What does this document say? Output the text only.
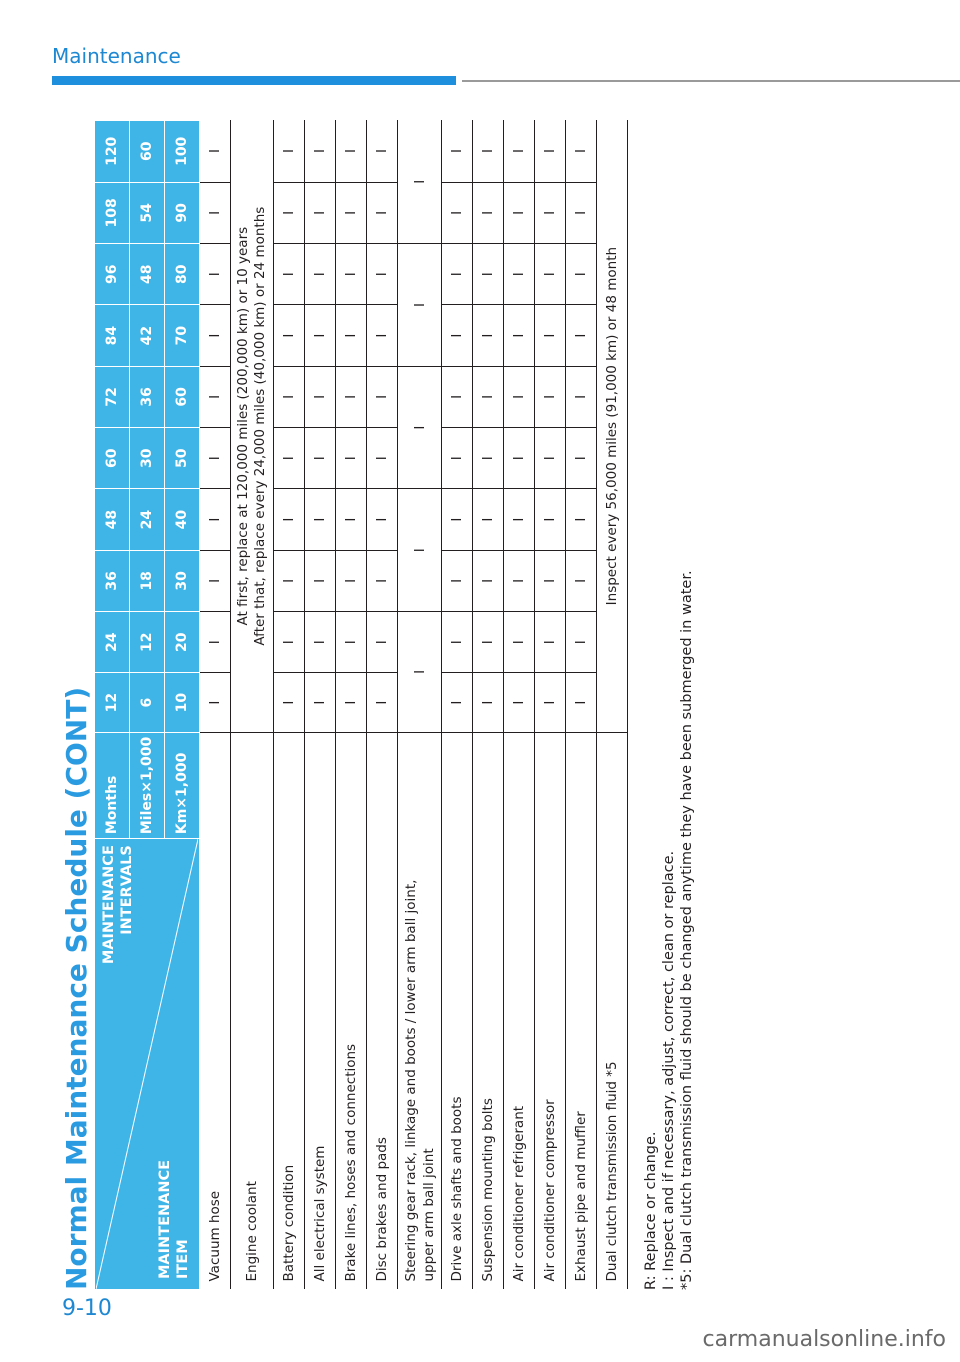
Maintenance
Normal Maintenance Schedule (CONT) MAINTENANCE INTERVALS
MAINTENANCE ITEM	Months	12	24	36	48	60	72	84	96	108	120
	Miles×1,000	6	12	18	24	30	36	42	48	54	60
	Km×1,000	10	20	30	40	50	60	70	80	90	100
Vacuum hose		I	I	I	I	I	I	I	I	I	I
Engine coolant		At first, replace at 120,000 miles (200,000 km) or 10 years After that, replace every 24,000 miles (40,000 km) or 24 months									

Battery condition		I	I	I	I	I	I	I	I	I	I
All electrical system		I	I	I	I	I	I	I	I	I	I
Brake lines, hoses and connections		I	I	I	I	I	I	I	I	I	I
Disc brakes and pads		I	I	I	I	I	I	I	I	I	I

Steering gear rack, linkage and boots / lower arm ball joint, upper arm ball joint		I		I		I		I		I	
Drive axle shafts and boots		I	I	I	I	I	I	I	I	I	I
Suspension mounting bolts		I	I	I	I	I	I	I	I	I	I
Air conditioner refrigerant		I	I	I	I	I	I	I	I	I	I
Air conditioner compressor		I	I	I	I	I	I	I	I	I	I
Exhaust pipe and muffler		I	I	I	I	I	I	I	I	I	I
Dual clutch transmission fluid *5		Inspect every 56,000 miles (91,000 km) or 48 month									
R: Replace or change. I : Inspect and if necessary, adjust, correct, clean or replace. *5: Dual clutch transmission fluid should be changed anytime they have been submerged in water.
9-10
carmanualsonline.info
